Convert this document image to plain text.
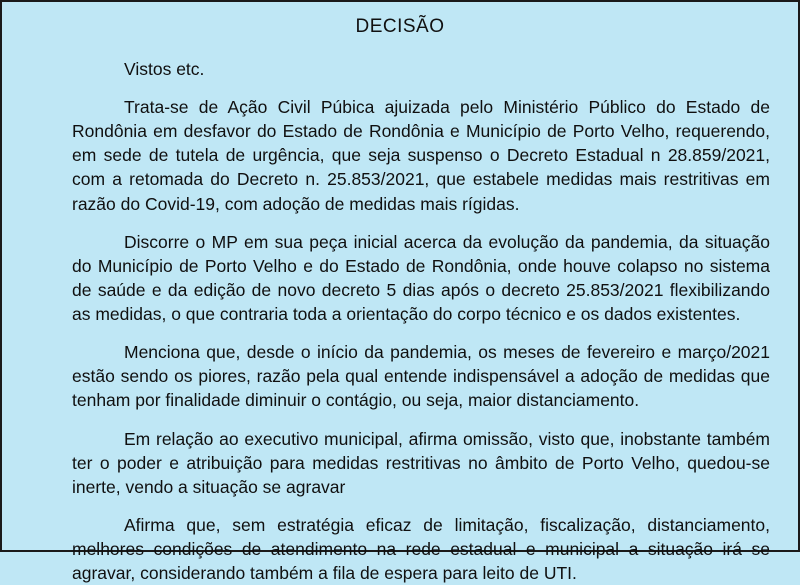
DECISÃO

Vistos etc.

Trata-se de Ação Civil Púbica ajuizada pelo Ministério Público do Estado de Rondônia em desfavor do Estado de Rondônia e Município de Porto Velho, requerendo, em sede de tutela de urgência, que seja suspenso o Decreto Estadual n 28.859/2021, com a retomada do Decreto n. 25.853/2021, que estabele medidas mais restritivas em razão do Covid-19, com adoção de medidas mais rígidas.

Discorre o MP em sua peça inicial acerca da evolução da pandemia, da situação do Município de Porto Velho e do Estado de Rondônia, onde houve colapso no sistema de saúde e da edição de novo decreto 5 dias após o decreto 25.853/2021 flexibilizando as medidas, o que contraria toda a orientação do corpo técnico e os dados existentes.

Menciona que, desde o início da pandemia, os meses de fevereiro e março/2021 estão sendo os piores, razão pela qual entende indispensável a adoção de medidas que tenham por finalidade diminuir o contágio, ou seja, maior distanciamento.

Em relação ao executivo municipal, afirma omissão, visto que, inobstante também ter o poder e atribuição para medidas restritivas no âmbito de Porto Velho, quedou-se inerte, vendo a situação se agravar

Afirma que, sem estratégia eficaz de limitação, fiscalização, distanciamento, melhores condições de atendimento na rede estadual e municipal a situação irá se agravar, considerando também a fila de espera para leito de UTI.
